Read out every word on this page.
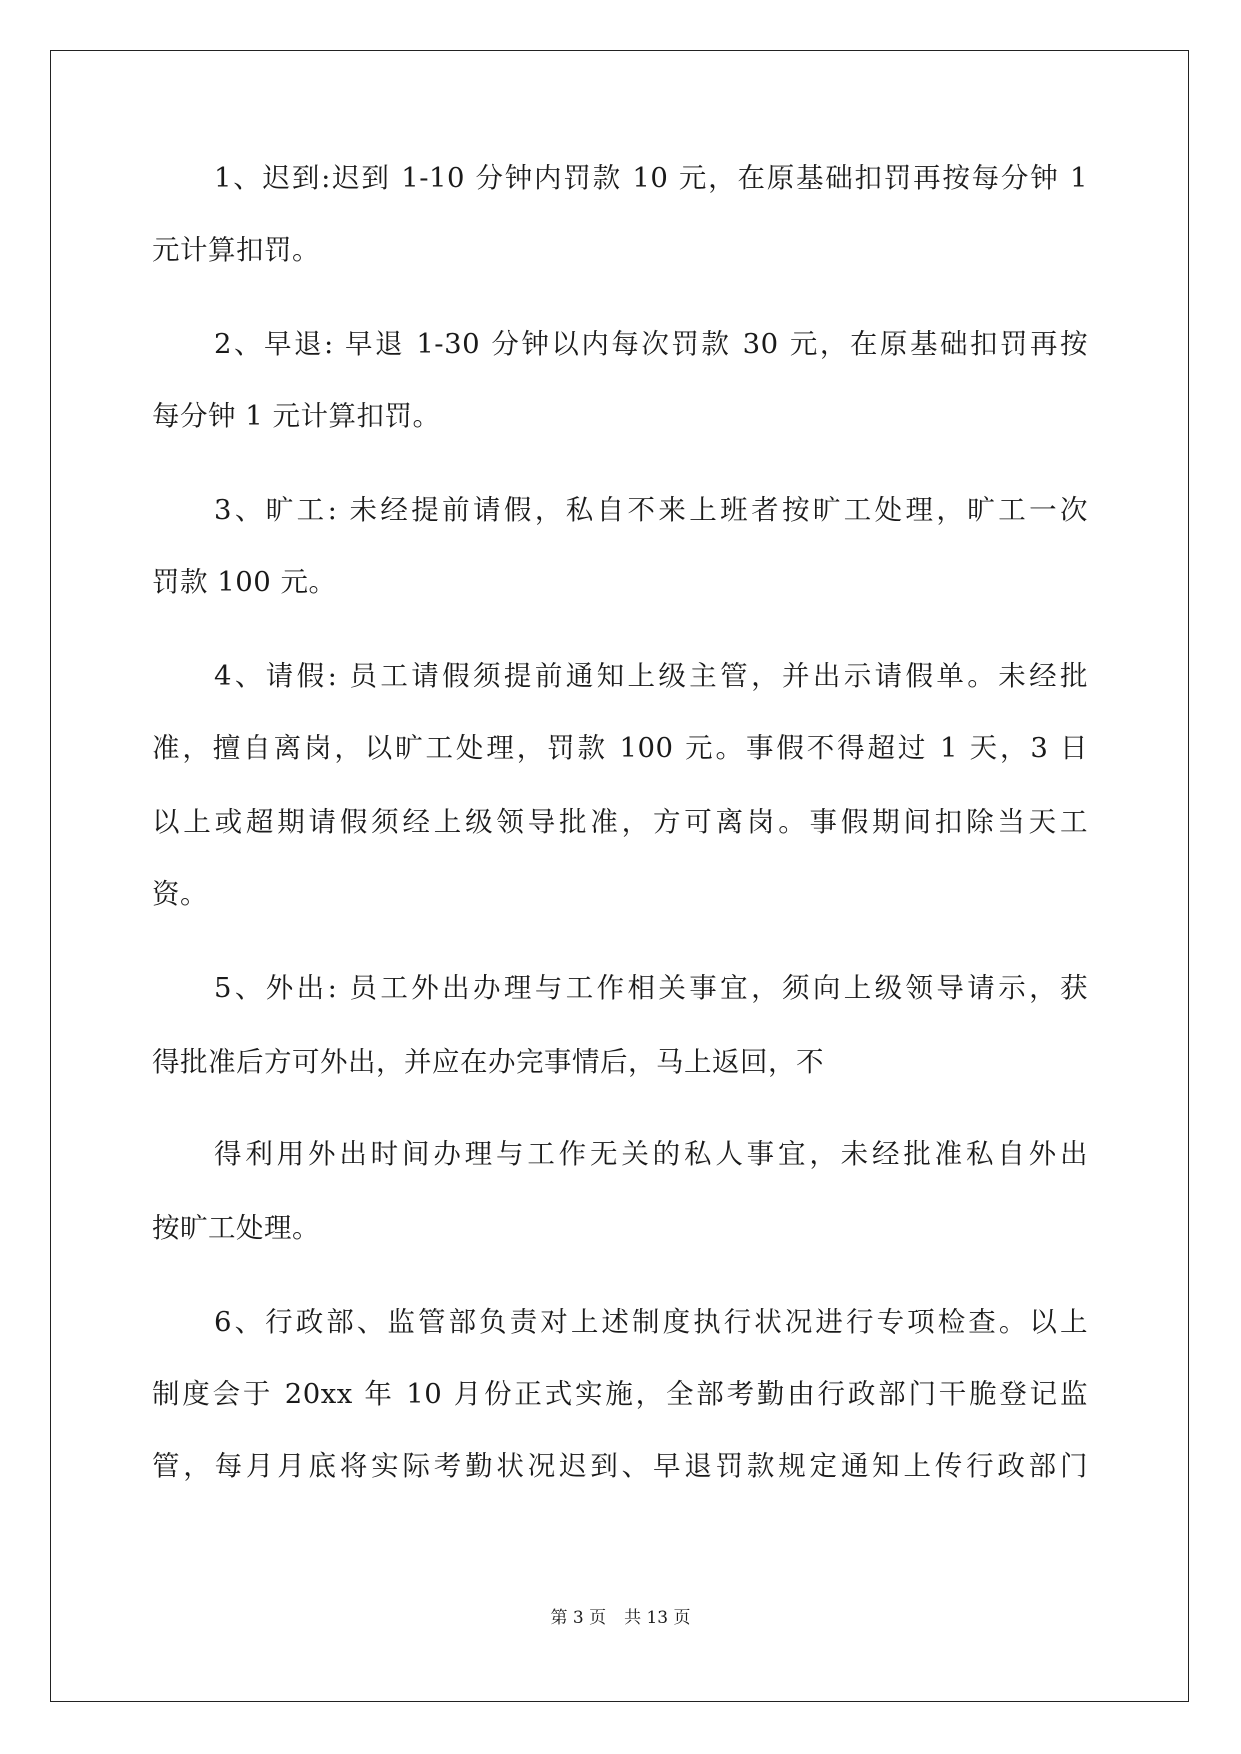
1、迟到:迟到 1-10 分钟内罚款 10 元，在原基础扣罚再按每分钟 1
元计算扣罚。
2、早退: 早退 1-30 分钟以内每次罚款 30 元，在原基础扣罚再按
每分钟 1 元计算扣罚。
3、旷工: 未经提前请假，私自不来上班者按旷工处理，旷工一次
罚款 100 元。
4、请假: 员工请假须提前通知上级主管，并出示请假单。未经批
准，擅自离岗，以旷工处理，罚款 100 元。事假不得超过 1 天，3 日
以上或超期请假须经上级领导批准，方可离岗。事假期间扣除当天工
资。
5、外出: 员工外出办理与工作相关事宜，须向上级领导请示，获
得批准后方可外出，并应在办完事情后，马上返回，不
得利用外出时间办理与工作无关的私人事宜，未经批准私自外出
按旷工处理。
6、行政部、监管部负责对上述制度执行状况进行专项检查。以上
制度会于 20xx 年 10 月份正式实施，全部考勤由行政部门干脆登记监
管，每月月底将实际考勤状况迟到、早退罚款规定通知上传行政部门
第 3 页 共 13 页
